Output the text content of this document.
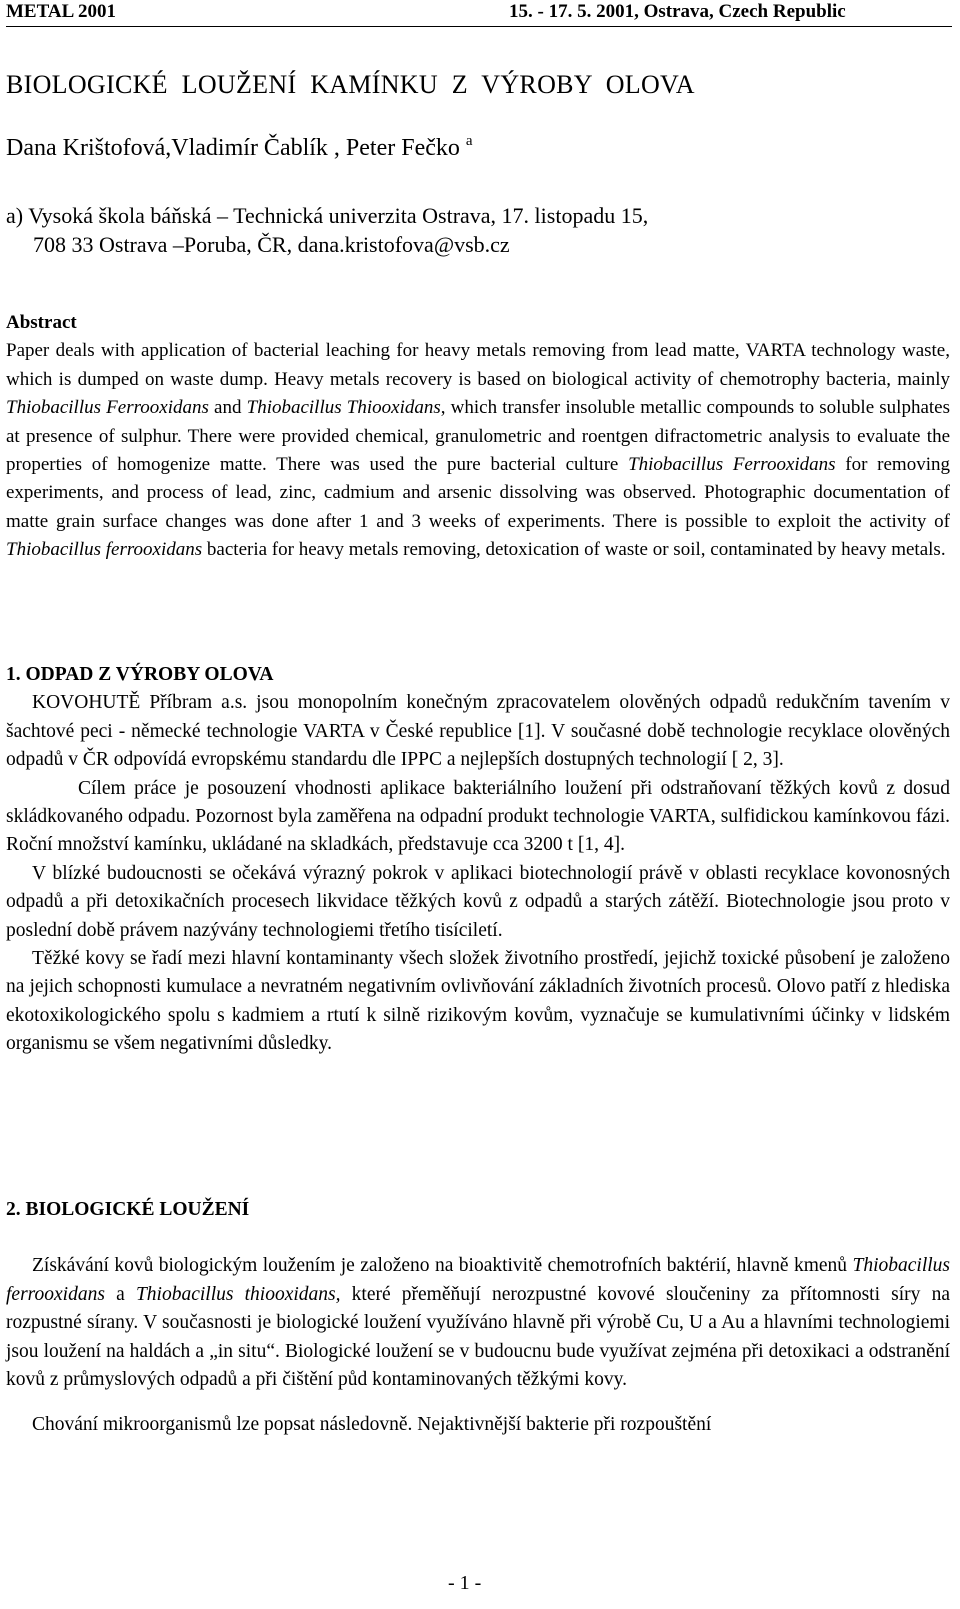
METAL 2001	15. - 17. 5. 2001, Ostrava, Czech Republic
BIOLOGICKÉ LOUŽENÍ KAMÍNKU Z VÝROBY OLOVA
Dana Krištofová,Vladimír Čablík , Peter Fečko $^a$
a) Vysoká škola báňská – Technická univerzita Ostrava, 17. listopadu 15,
708 33 Ostrava –Poruba, ČR, dana.kristofova@vsb.cz
Abstract

Paper deals with application of bacterial leaching for heavy metals removing from lead matte, VARTA technology waste, which is dumped on waste dump. Heavy metals recovery is based on biological activity of chemotrophy bacteria, mainly Thiobacillus Ferrooxidans and Thiobacillus Thiooxidans, which transfer insoluble metallic compounds to soluble sulphates at presence of sulphur. There were provided chemical, granulometric and roentgen difractometric analysis to evaluate the properties of homogenize matte. There was used the pure bacterial culture Thiobacillus Ferrooxidans for removing experiments, and process of lead, zinc, cadmium and arsenic dissolving was observed. Photographic documentation of matte grain surface changes was done after 1 and 3 weeks of experiments. There is possible to exploit the activity of Thiobacillus ferrooxidans bacteria for heavy metals removing, detoxication of waste or soil, contaminated by heavy metals.

1. ODPAD Z VÝROBY OLOVA

KOVOHUTĚ Příbram a.s. jsou monopolním konečným zpracovatelem olověných odpadů redukčním tavením v šachtové peci - německé technologie VARTA v České republice [1]. V současné době technologie recyklace olověných odpadů v ČR odpovídá evropskému standardu dle IPPC a nejlepších dostupných technologií [ 2, 3].

Cílem práce je posouzení vhodnosti aplikace bakteriálního loužení při odstraňovaní těžkých kovů z dosud skládkovaného odpadu. Pozornost byla zaměřena na odpadní produkt technologie VARTA, sulfidickou kamínkovou fázi. Roční množství kamínku, ukládané na skladkách, představuje cca 3200 t [1, 4].

V blízké budoucnosti se očekává výrazný pokrok v aplikaci biotechnologií právě v oblasti recyklace kovonosných odpadů a při detoxikačních procesech likvidace těžkých kovů z odpadů a starých zátěží. Biotechnologie jsou proto v poslední době právem nazývány technologiemi třetího tisíciletí.

Těžké kovy se řadí mezi hlavní kontaminanty všech složek životního prostředí, jejichž toxické působení je založeno na jejich schopnosti kumulace a nevratném negativním ovlivňování základních životních procesů. Olovo patří z hlediska ekotoxikologického spolu s kadmiem a rtutí k silně rizikovým kovům, vyznačuje se kumulativními účinky v lidském organismu se všem negativními důsledky.

2. BIOLOGICKÉ LOUŽENÍ

Získávání kovů biologickým loužením je založeno na bioaktivitě chemotrofních baktérií, hlavně kmenů Thiobacillus ferrooxidans a Thiobacillus thiooxidans, které přeměňují nerozpustné kovové sloučeniny za přítomnosti síry na rozpustné sírany. V současnosti je biologické loužení využíváno hlavně při výrobě Cu, U a Au a hlavními technologiemi jsou loužení na haldách a „in situ“. Biologické loužení se v budoucnu bude využívat zejména při detoxikaci a odstranění kovů z průmyslových odpadů a při čištění půd kontaminovaných těžkými kovy.

Chování mikroorganismů lze popsat následovně. Nejaktivnější bakterie při rozpouštění

- 1 -
